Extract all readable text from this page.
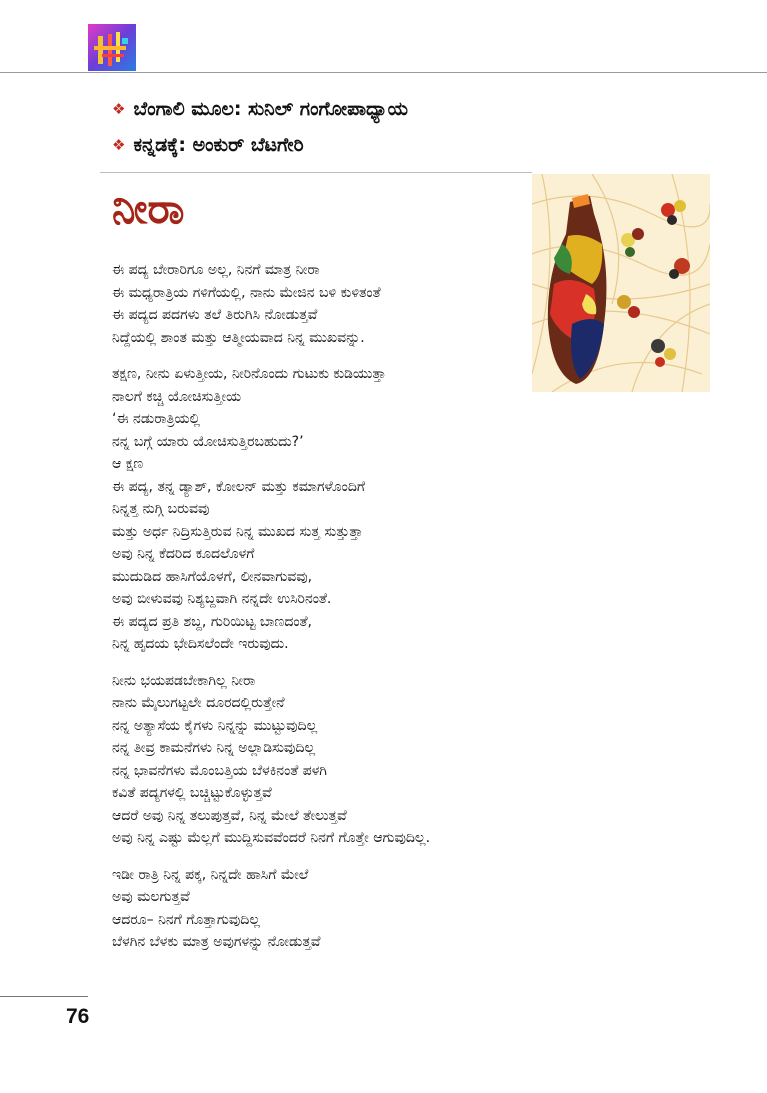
❖ ಬೆಂಗಾಲಿ ಮೂಲ: ಸುನಿಲ್ ಗಂಗೋಪಾಧ್ಯಾಯ
❖ ಕನ್ನಡಕ್ಕೆ: ಅಂಕುರ್ ಬೆಟಗೇರಿ
ನೀರಾ
ಈ ಪದ್ಯ ಬೇರಾರಿಗೂ ಅಲ್ಲ, ನಿನಗೆ ಮಾತ್ರ ನೀರಾ
ಈ ಮಧ್ಯರಾತ್ರಿಯ ಗಳಿಗೆಯಲ್ಲಿ, ನಾನು ಮೇಜಿನ ಬಳಿ ಕುಳಿತಂತೆ
ಈ ಪದ್ಯದ ಪದಗಳು ತಲೆ ತಿರುಗಿಸಿ ನೋಡುತ್ತವೆ
ನಿದ್ದೆಯಲ್ಲಿ ಶಾಂತ ಮತ್ತು ಆತ್ಮೀಯವಾದ ನಿನ್ನ ಮುಖವನ್ನು.
ತಕ್ಷಣ, ನೀನು ಏಳುತ್ತೀಯ, ನೀರಿನೊಂದು ಗುಟುಕು ಕುಡಿಯುತ್ತಾ
ನಾಲಗೆ ಕಚ್ಚಿ ಯೋಚಿಸುತ್ತೀಯ
‘ಈ ನಡುರಾತ್ರಿಯಲ್ಲಿ
ನನ್ನ ಬಗ್ಗೆ ಯಾರು ಯೋಚಿಸುತ್ತಿರಬಹುದು?’
ಆ ಕ್ಷಣ
ಈ ಪದ್ಯ, ತನ್ನ ಡ್ಯಾಶ್, ಕೋಲನ್ ಮತ್ತು ಕಮಾಗಳೊಂದಿಗೆ
ನಿನ್ನತ್ತ ನುಗ್ಗಿ ಬರುವವು
ಮತ್ತು ಅರ್ಧ ನಿದ್ರಿಸುತ್ತಿರುವ ನಿನ್ನ ಮುಖದ ಸುತ್ತ ಸುತ್ತುತ್ತಾ
ಅವು ನಿನ್ನ ಕೆದರಿದ ಕೂದಲೊಳಗೆ
ಮುದುಡಿದ ಹಾಸಿಗೆಯೊಳಗೆ, ಲೀನವಾಗುವವು,
ಅವು ಬೀಳುವವು ನಿಶ್ಯಬ್ದವಾಗಿ ನನ್ನದೇ ಉಸಿರಿನಂತೆ.
ಈ ಪದ್ಯದ ಪ್ರತಿ ಶಬ್ದ, ಗುರಿಯಿಟ್ಟ ಬಾಣದಂತೆ,
ನಿನ್ನ ಹೃದಯ ಭೇದಿಸಲೆಂದೇ ಇರುವುದು.
ನೀನು ಭಯಪಡಬೇಕಾಗಿಲ್ಲ ನೀರಾ
ನಾನು ಮೈಲುಗಟ್ಟಲೇ ದೂರದಲ್ಲಿರುತ್ತೇನೆ
ನನ್ನ ಅತ್ಯಾಸೆಯ ಕೈಗಳು ನಿನ್ನನ್ನು ಮುಟ್ಟುವುದಿಲ್ಲ
ನನ್ನ ತೀವ್ರ ಕಾಮನೆಗಳು ನಿನ್ನ ಅಲ್ಲಾಡಿಸುವುದಿಲ್ಲ
ನನ್ನ ಭಾವನೆಗಳು ಮೊಂಬತ್ತಿಯ ಬೆಳಕಿನಂತೆ ಪಳಗಿ
ಕವಿತೆ ಪದ್ಯಗಳಲ್ಲಿ ಬಚ್ಚಿಟ್ಟುಕೊಳ್ಳುತ್ತವೆ
ಆದರೆ ಅವು ನಿನ್ನ ತಲುಪುತ್ತವೆ, ನಿನ್ನ ಮೇಲೆ ತೇಲುತ್ತವೆ
ಅವು ನಿನ್ನ ಎಷ್ಟು ಮೆಲ್ಲಗೆ ಮುದ್ದಿಸುವವೆಂದರೆ ನಿನಗೆ ಗೊತ್ತೇ ಆಗುವುದಿಲ್ಲ.
ಇಡೀ ರಾತ್ರಿ ನಿನ್ನ ಪಕ್ಕ, ನಿನ್ನದೇ ಹಾಸಿಗೆ ಮೇಲೆ
ಅವು ಮಲಗುತ್ತವೆ
ಆದರೂ– ನಿನಗೆ ಗೊತ್ತಾಗುವುದಿಲ್ಲ
ಬೆಳಗಿನ ಬೆಳಕು ಮಾತ್ರ ಅವುಗಳನ್ನು ನೋಡುತ್ತವೆ
76
